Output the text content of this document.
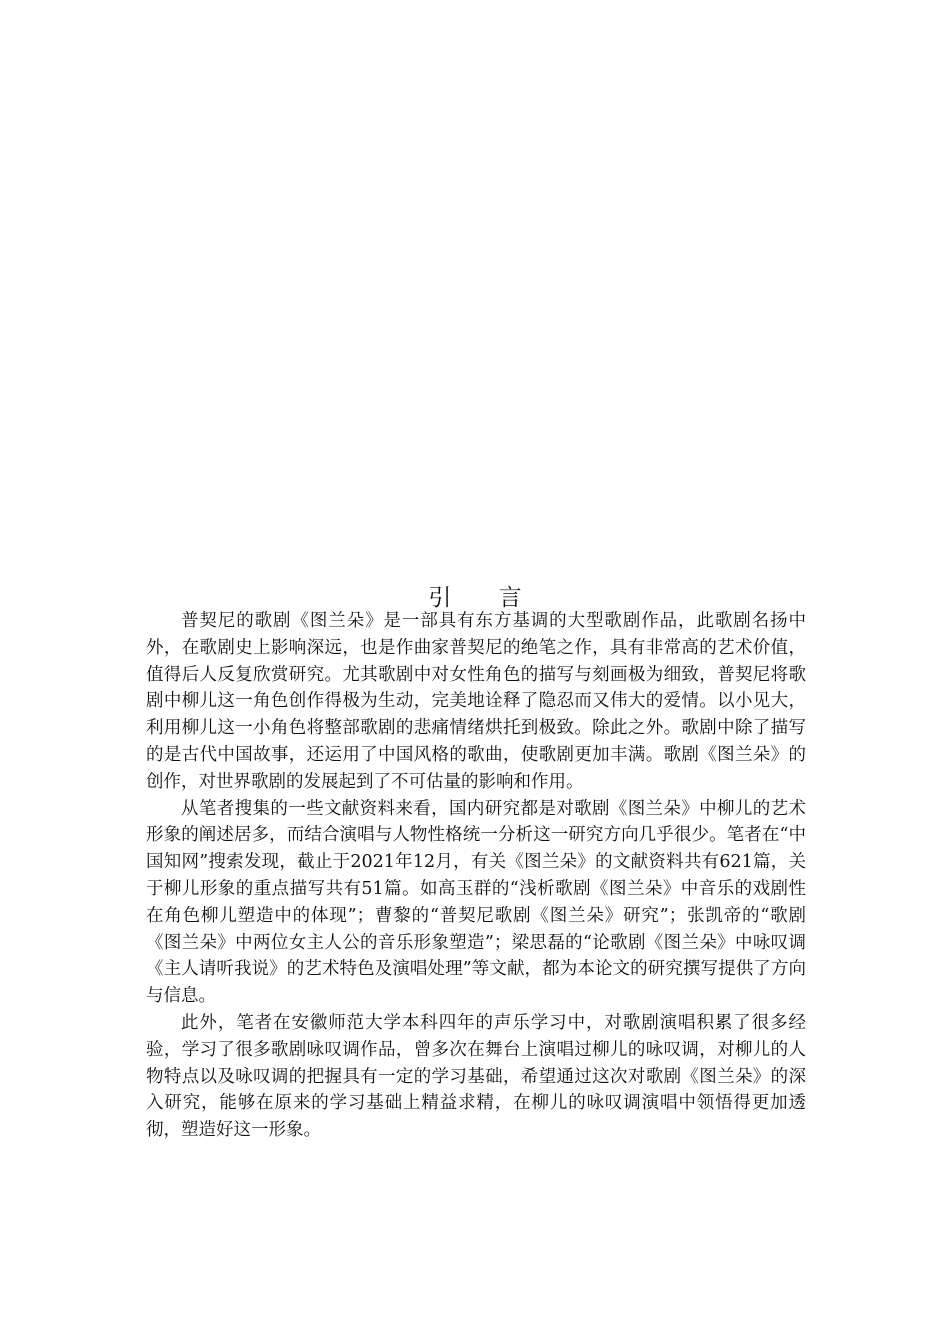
引 言

普契尼的歌剧《图兰朵》是一部具有东方基调的大型歌剧作品，此歌剧名扬中外，在歌剧史上影响深远，也是作曲家普契尼的绝笔之作，具有非常高的艺术价值，值得后人反复欣赏研究。尤其歌剧中对女性角色的描写与刻画极为细致，普契尼将歌剧中柳儿这一角色创作得极为生动，完美地诠释了隐忍而又伟大的爱情。以小见大，利用柳儿这一小角色将整部歌剧的悲痛情绪烘托到极致。除此之外。歌剧中除了描写的是古代中国故事，还运用了中国风格的歌曲，使歌剧更加丰满。歌剧《图兰朵》的创作，对世界歌剧的发展起到了不可估量的影响和作用。

从笔者搜集的一些文献资料来看，国内研究都是对歌剧《图兰朵》中柳儿的艺术形象的阐述居多，而结合演唱与人物性格统一分析这一研究方向几乎很少。笔者在“中国知网”搜索发现，截止于2021年12月，有关《图兰朵》的文献资料共有621篇，关于柳儿形象的重点描写共有51篇。如高玉群的“浅析歌剧《图兰朵》中音乐的戏剧性在角色柳儿塑造中的体现”；曹黎的“普契尼歌剧《图兰朵》研究”；张凯帝的“歌剧《图兰朵》中两位女主人公的音乐形象塑造”；梁思磊的“论歌剧《图兰朵》中咏叹调《主人请听我说》的艺术特色及演唱处理”等文献，都为本论文的研究撰写提供了方向与信息。

此外，笔者在安徽师范大学本科四年的声乐学习中，对歌剧演唱积累了很多经验，学习了很多歌剧咏叹调作品，曾多次在舞台上演唱过柳儿的咏叹调，对柳儿的人物特点以及咏叹调的把握具有一定的学习基础，希望通过这次对歌剧《图兰朵》的深入研究，能够在原来的学习基础上精益求精，在柳儿的咏叹调演唱中领悟得更加透彻，塑造好这一形象。
